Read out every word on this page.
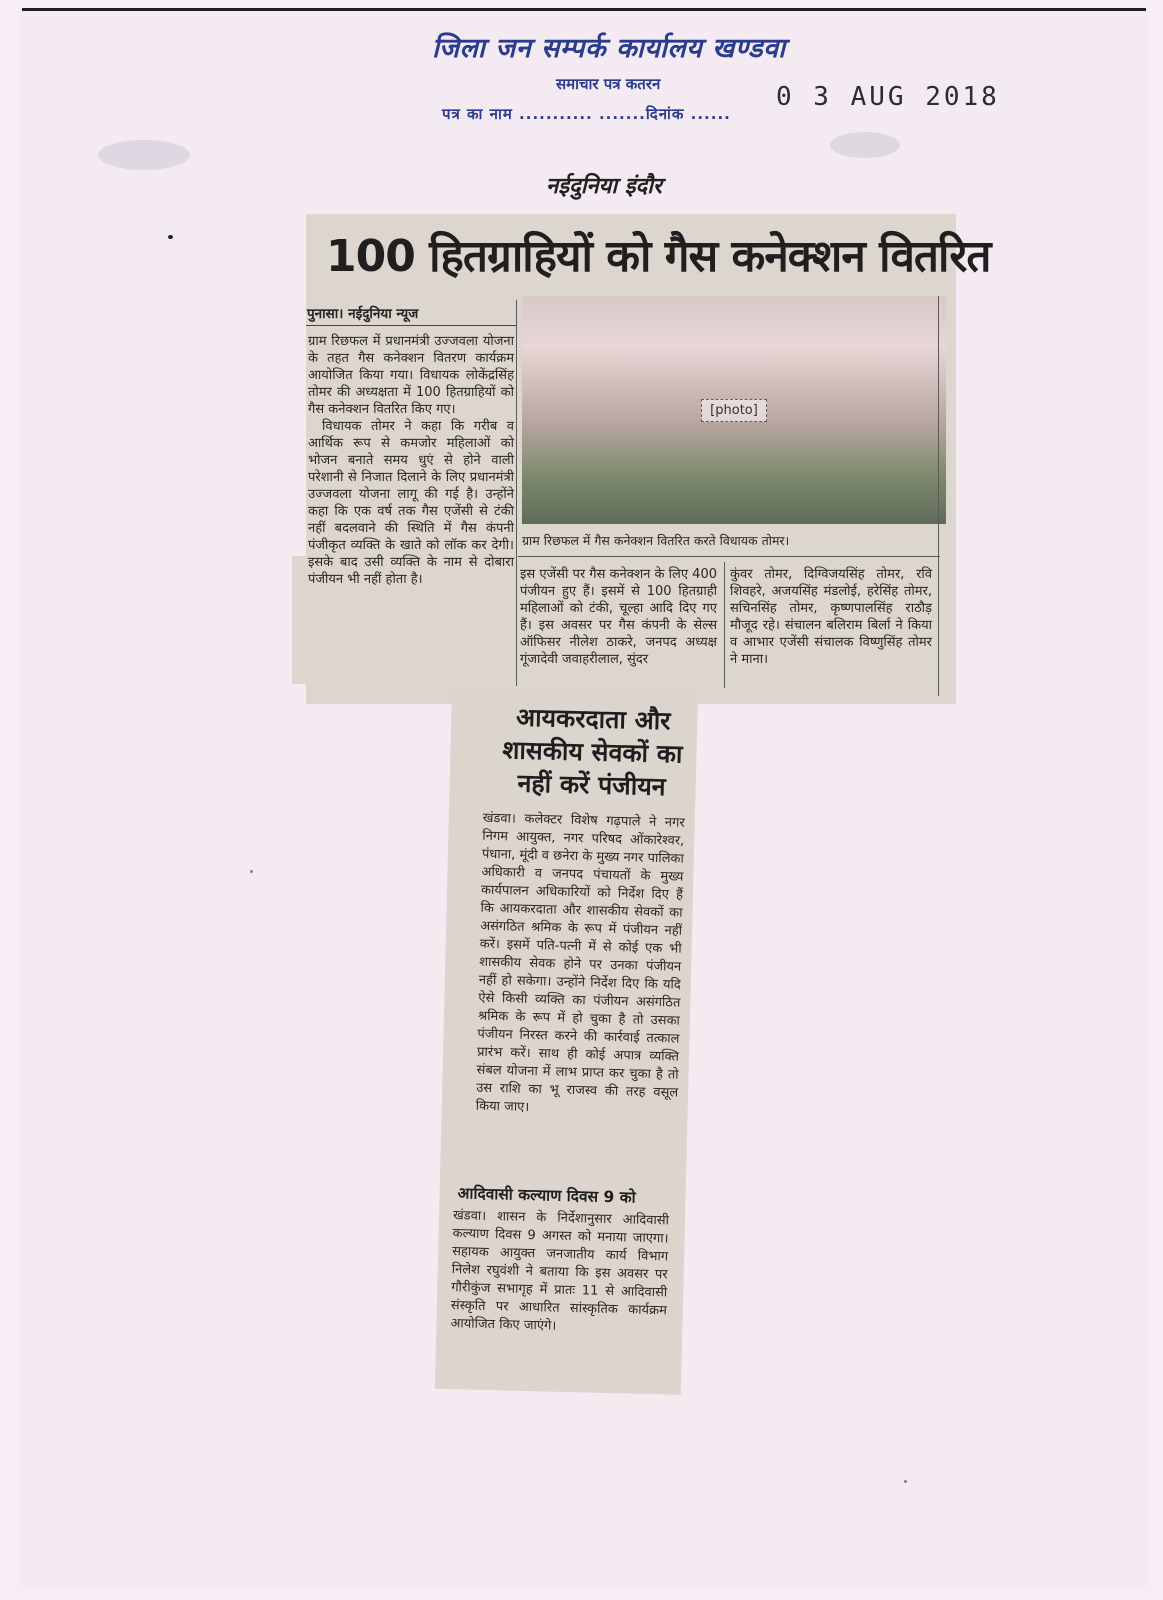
जिला जन सम्पर्क कार्यालय खण्डवा
समाचार पत्र कतरन
पत्र का नाम ........... .......दिनांक ......
0 3 AUG 2018
नईदुनिया इंदौर
100 हितग्राहियों को गैस कनेक्शन वितरित
पुनासा। नईदुनिया न्यूज

ग्राम रिछफल में प्रधानमंत्री उज्जवला योजना के तहत गैस कनेक्शन वितरण कार्यक्रम आयोजित किया गया। विधायक लोकेंद्रसिंह तोमर की अध्यक्षता में 100 हितग्राहियों को गैस कनेक्शन वितरित किए गए।

विधायक तोमर ने कहा कि गरीब व आर्थिक रूप से कमजोर महिलाओं को भोजन बनाते समय धुएं से होने वाली परेशानी से निजात दिलाने के लिए प्रधानमंत्री उज्जवला योजना लागू की गई है। उन्होंने कहा कि एक वर्ष तक गैस एजेंसी से टंकी नहीं बदलवाने की स्थिति में गैस कंपनी पंजीकृत व्यक्ति के खाते को लॉक कर देगी। इसके बाद उसी व्यक्ति के नाम से दोबारा पंजीयन भी नहीं होता है।

[photo]
ग्राम रिछफल में गैस कनेक्शन वितरित करते विधायक तोमर।

इस एजेंसी पर गैस कनेक्शन के लिए 400 पंजीयन हुए हैं। इसमें से 100 हितग्राही महिलाओं को टंकी, चूल्हा आदि दिए गए हैं। इस अवसर पर गैस कंपनी के सेल्स ऑफिसर नीलेश ठाकरे, जनपद अध्यक्ष गूंजादेवी जवाहरीलाल, सुंदर

कुंवर तोमर, दिग्विजयसिंह तोमर, रवि शिवहरे, अजयसिंह मंडलोई, हरेसिंह तोमर, सचिनसिंह तोमर, कृष्णपालसिंह राठौड़ मौजूद रहे। संचालन बलिराम बिर्ला ने किया व आभार एजेंसी संचालक विष्णुसिंह तोमर ने माना।

आयकरदाता और शासकीय सेवकों का नहीं करें पंजीयन
खंडवा। कलेक्टर विशेष गढ़पाले ने नगर निगम आयुक्त, नगर परिषद ओंकारेश्वर, पंधाना, मूंदी व छनेरा के मुख्य नगर पालिका अधिकारी व जनपद पंचायतों के मुख्य कार्यपालन अधिकारियों को निर्देश दिए हैं कि आयकरदाता और शासकीय सेवकों का असंगठित श्रमिक के रूप में पंजीयन नहीं करें। इसमें पति-पत्नी में से कोई एक भी शासकीय सेवक होने पर उनका पंजीयन नहीं हो सकेगा। उन्होंने निर्देश दिए कि यदि ऐसे किसी व्यक्ति का पंजीयन असंगठित श्रमिक के रूप में हो चुका है तो उसका पंजीयन निरस्त करने की कार्रवाई तत्काल प्रारंभ करें। साथ ही कोई अपात्र व्यक्ति संबल योजना में लाभ प्राप्त कर चुका है तो उस राशि का भू राजस्व की तरह वसूल किया जाए।
आदिवासी कल्याण दिवस 9 को
खंडवा। शासन के निर्देशानुसार आदिवासी कल्याण दिवस 9 अगस्त को मनाया जाएगा। सहायक आयुक्त जनजातीय कार्य विभाग निलेश रघुवंशी ने बताया कि इस अवसर पर गौरीकुंज सभागृह में प्रातः 11 से आदिवासी संस्कृति पर आधारित सांस्कृतिक कार्यक्रम आयोजित किए जाएंगे।
